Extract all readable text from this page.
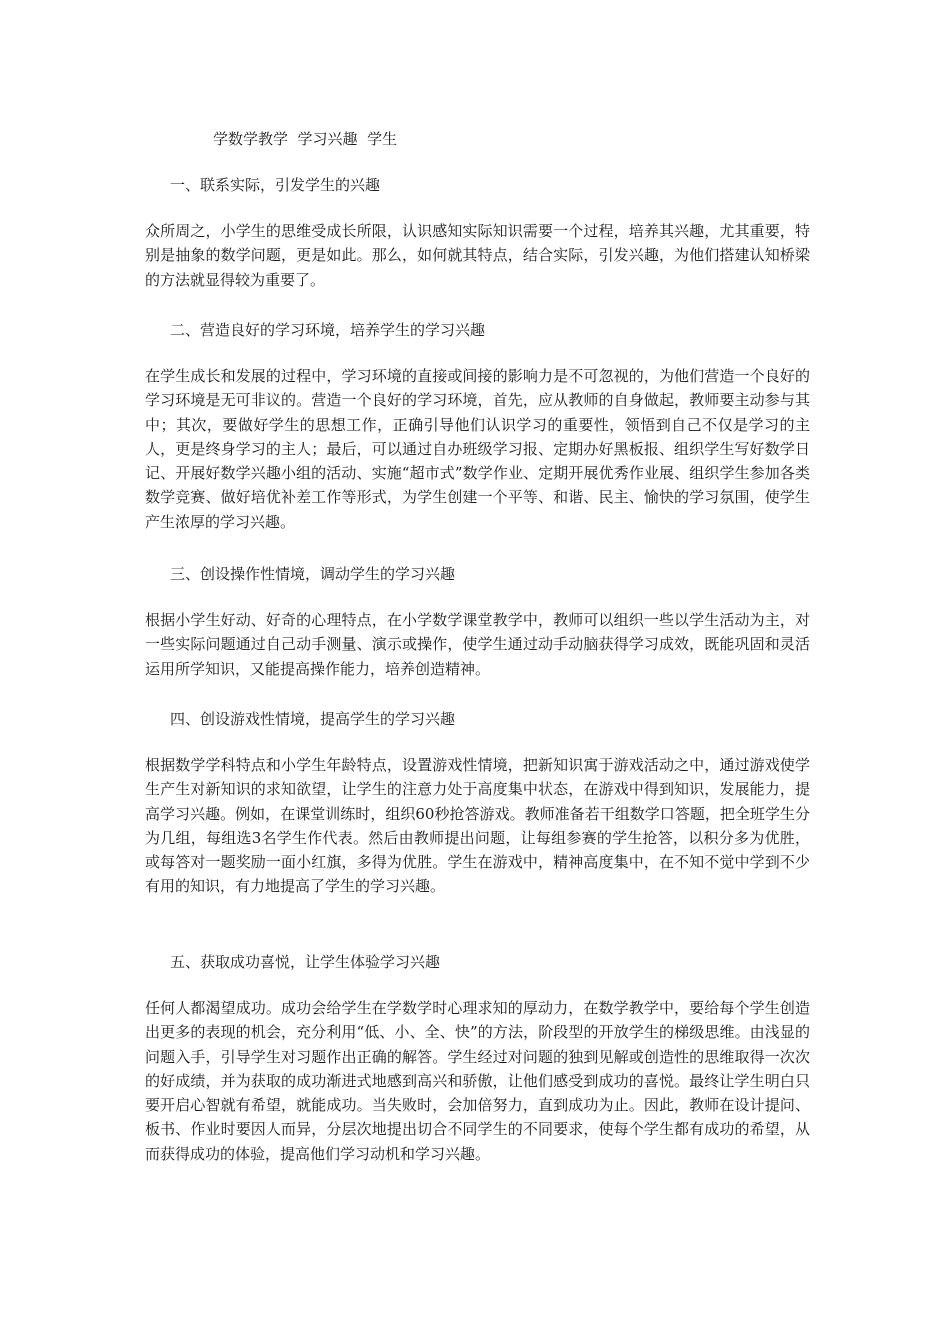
学数学教学  学习兴趣  学生
一、联系实际，引发学生的兴趣
众所周之，小学生的思维受成长所限，认识感知实际知识需要一个过程，培养其兴趣，尤其重要，特别是抽象的数学问题，更是如此。那么，如何就其特点，结合实际，引发兴趣，为他们搭建认知桥梁的方法就显得较为重要了。
二、营造良好的学习环境，培养学生的学习兴趣
在学生成长和发展的过程中，学习环境的直接或间接的影响力是不可忽视的，为他们营造一个良好的学习环境是无可非议的。营造一个良好的学习环境，首先，应从教师的自身做起，教师要主动参与其中；其次，要做好学生的思想工作，正确引导他们认识学习的重要性，领悟到自己不仅是学习的主人，更是终身学习的主人；最后，可以通过自办班级学习报、定期办好黑板报、组织学生写好数学日记、开展好数学兴趣小组的活动、实施“超市式”数学作业、定期开展优秀作业展、组织学生参加各类数学竞赛、做好培优补差工作等形式，为学生创建一个平等、和谐、民主、愉快的学习氛围，使学生产生浓厚的学习兴趣。
三、创设操作性情境，调动学生的学习兴趣
根据小学生好动、好奇的心理特点，在小学数学课堂教学中，教师可以组织一些以学生活动为主，对一些实际问题通过自己动手测量、演示或操作，使学生通过动手动脑获得学习成效，既能巩固和灵活运用所学知识，又能提高操作能力，培养创造精神。
四、创设游戏性情境，提高学生的学习兴趣
根据数学学科特点和小学生年龄特点，设置游戏性情境，把新知识寓于游戏活动之中，通过游戏使学生产生对新知识的求知欲望，让学生的注意力处于高度集中状态，在游戏中得到知识，发展能力，提高学习兴趣。例如，在课堂训练时，组织60秒抢答游戏。教师准备若干组数学口答题，把全班学生分为几组，每组选3名学生作代表。然后由教师提出问题，让每组参赛的学生抢答，以积分多为优胜，或每答对一题奖励一面小红旗，多得为优胜。学生在游戏中，精神高度集中，在不知不觉中学到不少有用的知识，有力地提高了学生的学习兴趣。
五、获取成功喜悦，让学生体验学习兴趣
任何人都渴望成功。成功会给学生在学数学时心理求知的厚动力，在数学教学中，要给每个学生创造出更多的表现的机会，充分利用“低、小、全、快”的方法，阶段型的开放学生的梯级思维。由浅显的问题入手，引导学生对习题作出正确的解答。学生经过对问题的独到见解或创造性的思维取得一次次的好成绩，并为获取的成功渐进式地感到高兴和骄傲，让他们感受到成功的喜悦。最终让学生明白只要开启心智就有希望，就能成功。当失败时，会加倍努力，直到成功为止。因此，教师在设计提问、板书、作业时要因人而异，分层次地提出切合不同学生的不同要求，使每个学生都有成功的希望，从而获得成功的体验，提高他们学习动机和学习兴趣。
